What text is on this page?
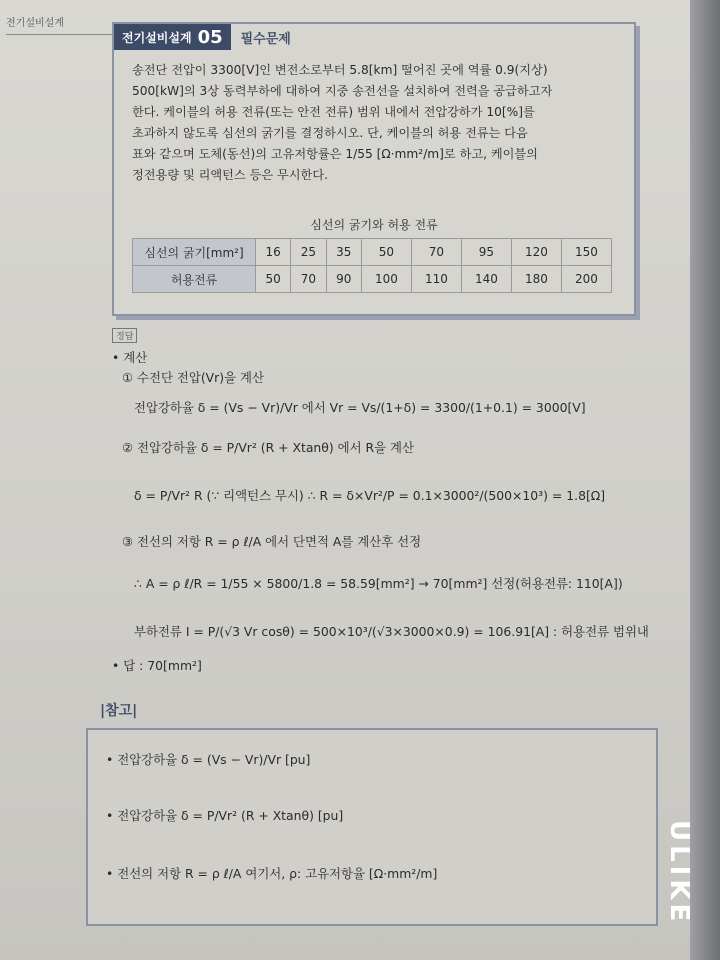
전기설비설계
전기설비설계 05 필수문제
송전단 전압이 3300[V]인 변전소로부터 5.8[km] 떨어진 곳에 역률 0.9(지상)
500[kW]의 3상 동력부하에 대하여 지중 송전선을 설치하여 전력을 공급하고자
한다. 케이블의 허용 전류(또는 안전 전류) 범위 내에서 전압강하가 10[%]를
초과하지 않도록 심선의 굵기를 결정하시오. 단, 케이블의 허용 전류는 다음
표와 같으며 도체(동선)의 고유저항률은 1/55 [Ω·mm²/m]로 하고, 케이블의
정전용량 및 리액턴스 등은 무시한다.
심선의 굵기와 허용 전류
심선의 굵기[mm²]	16	25	35	50	70	95	120	150
허용전류	50	70	90	100	110	140	180	200
정답
• 계산
① 수전단 전압(Vr)을 계산
전압강하율 δ = (Vs − Vr)/Vr 에서 Vr = Vs/(1+δ) = 3300/(1+0.1) = 3000[V]
② 전압강하율 δ = P/Vr² (R + Xtanθ) 에서 R을 계산
δ = P/Vr² R (∵ 리액턴스 무시) ∴ R = δ×Vr²/P = 0.1×3000²/(500×10³) = 1.8[Ω]
③ 전선의 저항 R = ρ ℓ/A 에서 단면적 A를 계산후 선정
∴ A = ρ ℓ/R = 1/55 × 5800/1.8 = 58.59[mm²] → 70[mm²] 선정(허용전류: 110[A])
부하전류 I = P/(√3 Vr cosθ) = 500×10³/(√3×3000×0.9) = 106.91[A] : 허용전류 범위내
• 답 : 70[mm²]
|참고|
• 전압강하율 δ = (Vs − Vr)/Vr [pu]
• 전압강하율 δ = P/Vr² (R + Xtanθ) [pu]
• 전선의 저항 R = ρ ℓ/A 여기서, ρ: 고유저항율 [Ω·mm²/m]	ULIKE
